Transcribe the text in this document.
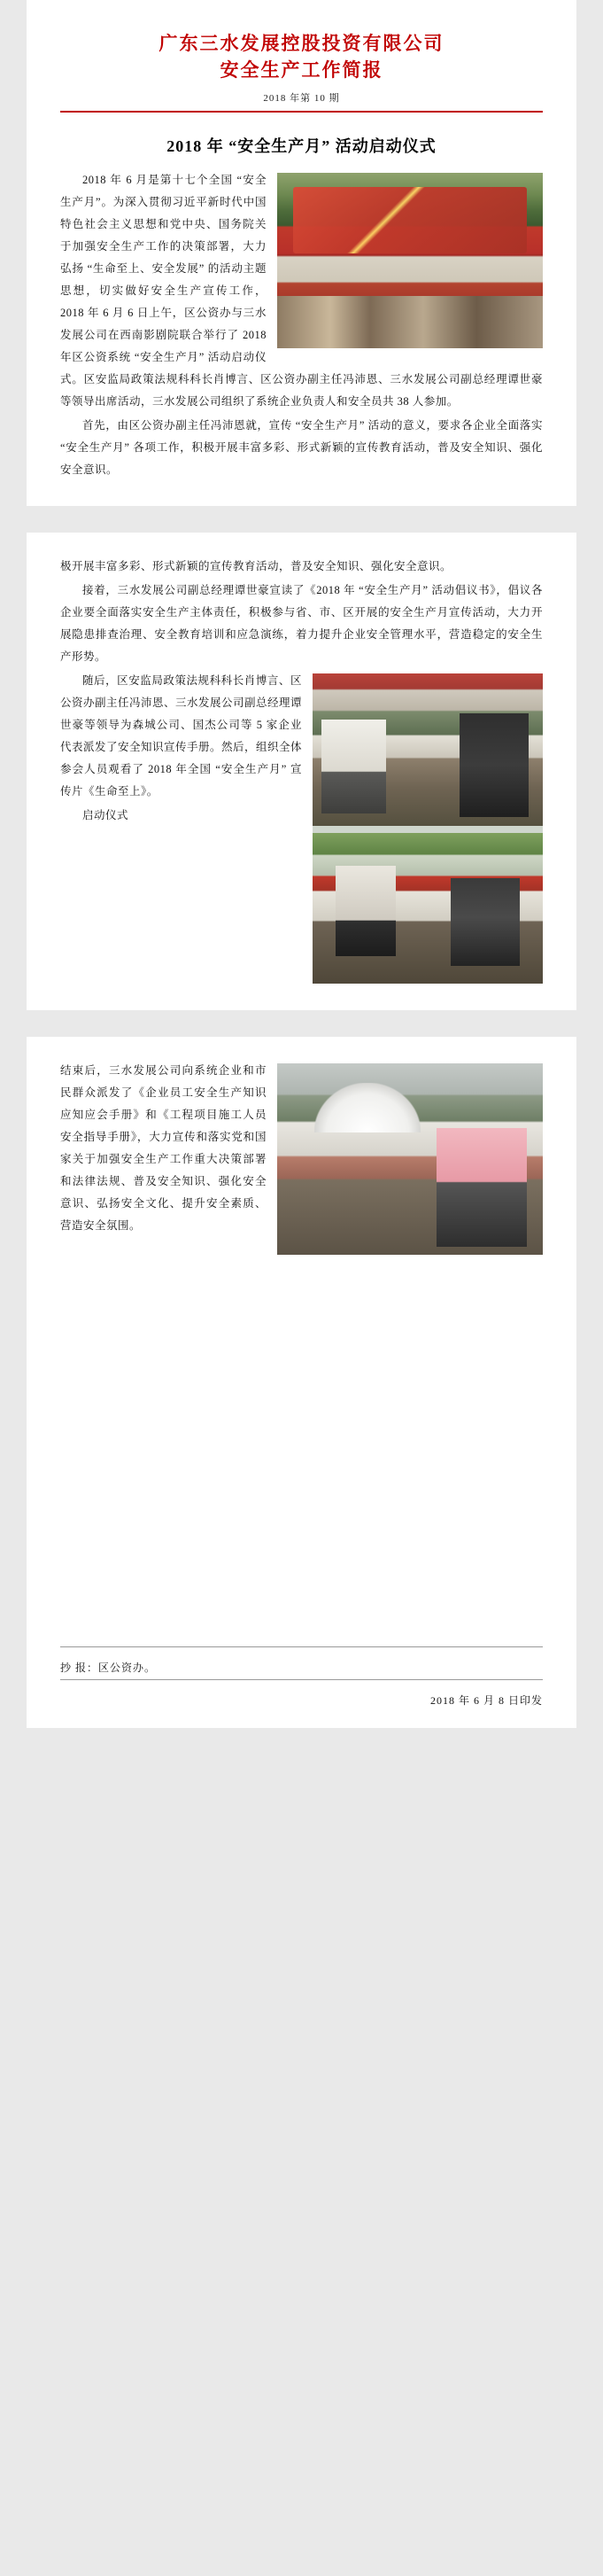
广东三水发展控股投资有限公司
安全生产工作简报
2018 年第 10 期
2018 年 “安全生产月” 活动启动仪式

2018 年 6 月是第十七个全国 “安全生产月”。为深入贯彻习近平新时代中国特色社会主义思想和党中央、国务院关于加强安全生产工作的决策部署，大力弘扬 “生命至上、安全发展” 的活动主题思想，切实做好安全生产宣传工作， 2018 年 6 月 6 日上午，区公资办与三水发展公司在西南影剧院联合举行了 2018 年区公资系统 “安全生产月” 活动启动仪式。区安监局政策法规科科长肖博言、区公资办副主任冯沛恩、三水发展公司副总经理谭世豪等领导出席活动，三水发展公司组织了系统企业负责人和安全员共 38 人参加。

首先，由区公资办副主任冯沛恩就，宣传 “安全生产月” 活动的意义，要求各企业全面落实 “安全生产月” 各项工作，积极开展丰富多彩、形式新颖的宣传教育活动，普及安全知识、强化安全意识。

极开展丰富多彩、形式新颖的宣传教育活动，普及安全知识、强化安全意识。

接着，三水发展公司副总经理谭世豪宣读了《2018 年 “安全生产月” 活动倡议书》，倡议各企业要全面落实安全生产主体责任，积极参与省、市、区开展的安全生产月宣传活动，大力开展隐患排查治理、安全教育培训和应急演练，着力提升企业安全管理水平，营造稳定的安全生产形势。

随后，区安监局政策法规科科长肖博言、区公资办副主任冯沛恩、三水发展公司副总经理谭世豪等领导为森城公司、国杰公司等 5 家企业代表派发了安全知识宣传手册。然后，组织全体参会人员观看了 2018 年全国 “安全生产月” 宣传片《生命至上》。

启动仪式

结束后，三水发展公司向系统企业和市民群众派发了《企业员工安全生产知识应知应会手册》和《工程项目施工人员安全指导手册》，大力宣传和落实党和国家关于加强安全生产工作重大决策部署和法律法规、普及安全知识、强化安全意识、弘扬安全文化、提升安全素质、营造安全氛围。

抄 报：区公资办。
2018 年 6 月 8 日印发
